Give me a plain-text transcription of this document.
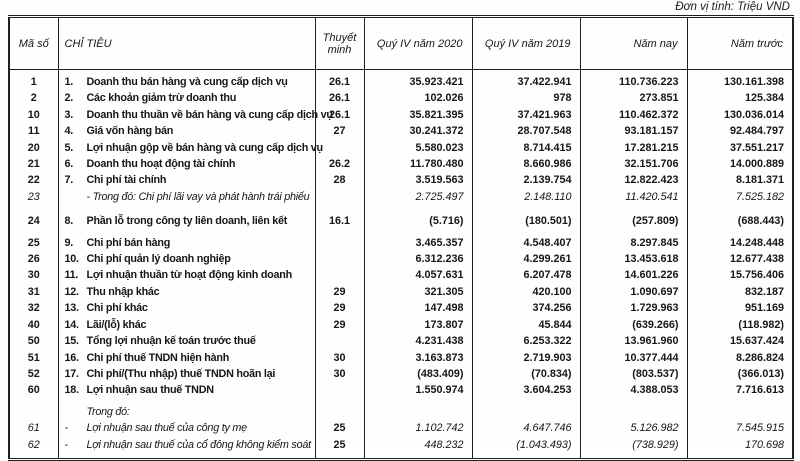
Đơn vị tính: Triệu VND
Mã số	CHỈ TIÊU	Thuyết minh	Quý IV năm 2020	Quý IV năm 2019	Năm nay	Năm trước
1	1. Doanh thu bán hàng và cung cấp dịch vụ	26.1	35.923.421	37.422.941	110.736.223	130.161.398
2	2. Các khoản giảm trừ doanh thu	26.1	102.026	978	273.851	125.384
10	3. Doanh thu thuần về bán hàng và cung cấp dịch vụ	26.1	35.821.395	37.421.963	110.462.372	130.036.014
11	4. Giá vốn hàng bán	27	30.241.372	28.707.548	93.181.157	92.484.797
20	5. Lợi nhuận gộp về bán hàng và cung cấp dịch vụ		5.580.023	8.714.415	17.281.215	37.551.217
21	6. Doanh thu hoạt động tài chính	26.2	11.780.480	8.660.986	32.151.706	14.000.889
22	7. Chi phí tài chính	28	3.519.563	2.139.754	12.822.423	8.181.371
23	- Trong đó: Chi phí lãi vay và phát hành trái phiếu		2.725.497	2.148.110	11.420.541	7.525.182
24	8. Phần lỗ trong công ty liên doanh, liên kết	16.1	(5.716)	(180.501)	(257.809)	(688.443)
25	9. Chi phí bán hàng		3.465.357	4.548.407	8.297.845	14.248.448
26	10. Chi phí quản lý doanh nghiệp		6.312.236	4.299.261	13.453.618	12.677.438
30	11. Lợi nhuận thuần từ hoạt động kinh doanh		4.057.631	6.207.478	14.601.226	15.756.406
31	12. Thu nhập khác	29	321.305	420.100	1.090.697	832.187
32	13. Chi phí khác	29	147.498	374.256	1.729.963	951.169
40	14. Lãi/(lỗ) khác	29	173.807	45.844	(639.266)	(118.982)
50	15. Tổng lợi nhuận kế toán trước thuế		4.231.438	6.253.322	13.961.960	15.637.424
51	16. Chi phí thuế TNDN hiện hành	30	3.163.873	2.719.903	10.377.444	8.286.824
52	17. Chi phí/(Thu nhập) thuế TNDN hoãn lại	30	(483.409)	(70.834)	(803.537)	(366.013)
60	18. Lợi nhuận sau thuế TNDN		1.550.974	3.604.253	4.388.053	7.716.613
	Trong đó:					
61	- Lợi nhuận sau thuế của công ty mẹ	25	1.102.742	4.647.746	5.126.982	7.545.915
62	- Lợi nhuận sau thuế của cổ đông không kiểm soát	25	448.232	(1.043.493)	(738.929)	170.698
